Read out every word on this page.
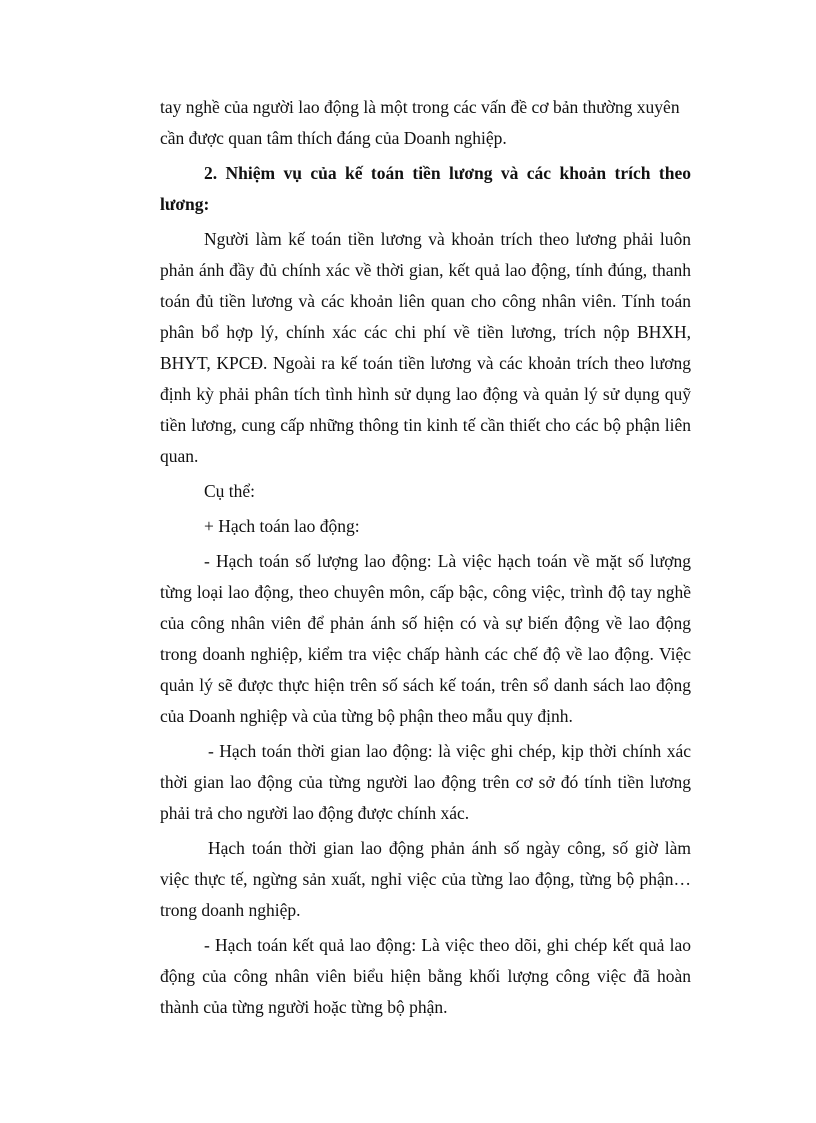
tay nghề của người lao động là một trong các vấn đề cơ bản thường xuyên cần được quan tâm thích đáng của Doanh nghiệp.

2. Nhiệm vụ của kế toán tiền lương và các khoản trích theo lương:

Người làm kế toán tiền lương và khoản trích theo lương phải luôn phản ánh đầy đủ chính xác về thời gian, kết quả lao động, tính đúng, thanh toán đủ tiền lương và các khoản liên quan cho công nhân viên. Tính toán phân bổ hợp lý, chính xác các chi phí về tiền lương, trích nộp BHXH, BHYT, KPCĐ. Ngoài ra kế toán tiền lương và các khoản trích theo lương định kỳ phải phân tích tình hình sử dụng lao động và quản lý sử dụng quỹ tiền lương, cung cấp những thông tin kinh tế cần thiết cho các bộ phận liên quan.

Cụ thể:

+ Hạch toán lao động:

- Hạch toán số lượng lao động: Là việc hạch toán về mặt số lượng từng loại lao động, theo chuyên môn, cấp bậc, công việc, trình độ tay nghề của công nhân viên để phản ánh số hiện có và sự biến động về lao động trong doanh nghiệp, kiểm tra việc chấp hành các chế độ về lao động. Việc quản lý sẽ được thực hiện trên số sách kế toán, trên sổ danh sách lao động của Doanh nghiệp và của từng bộ phận theo mẫu quy định.

- Hạch toán thời gian lao động: là việc ghi chép, kịp thời chính xác thời gian lao động của từng người lao động trên cơ sở đó tính tiền lương phải trả cho người lao động được chính xác.

Hạch toán thời gian lao động phản ánh số ngày công, số giờ làm việc thực tế, ngừng sản xuất, nghỉ việc của từng lao động, từng bộ phận… trong doanh nghiệp.

- Hạch toán kết quả lao động: Là việc theo dõi, ghi chép kết quả lao động của công nhân viên biểu hiện bằng khối lượng công việc đã hoàn thành của từng người hoặc từng bộ phận.
